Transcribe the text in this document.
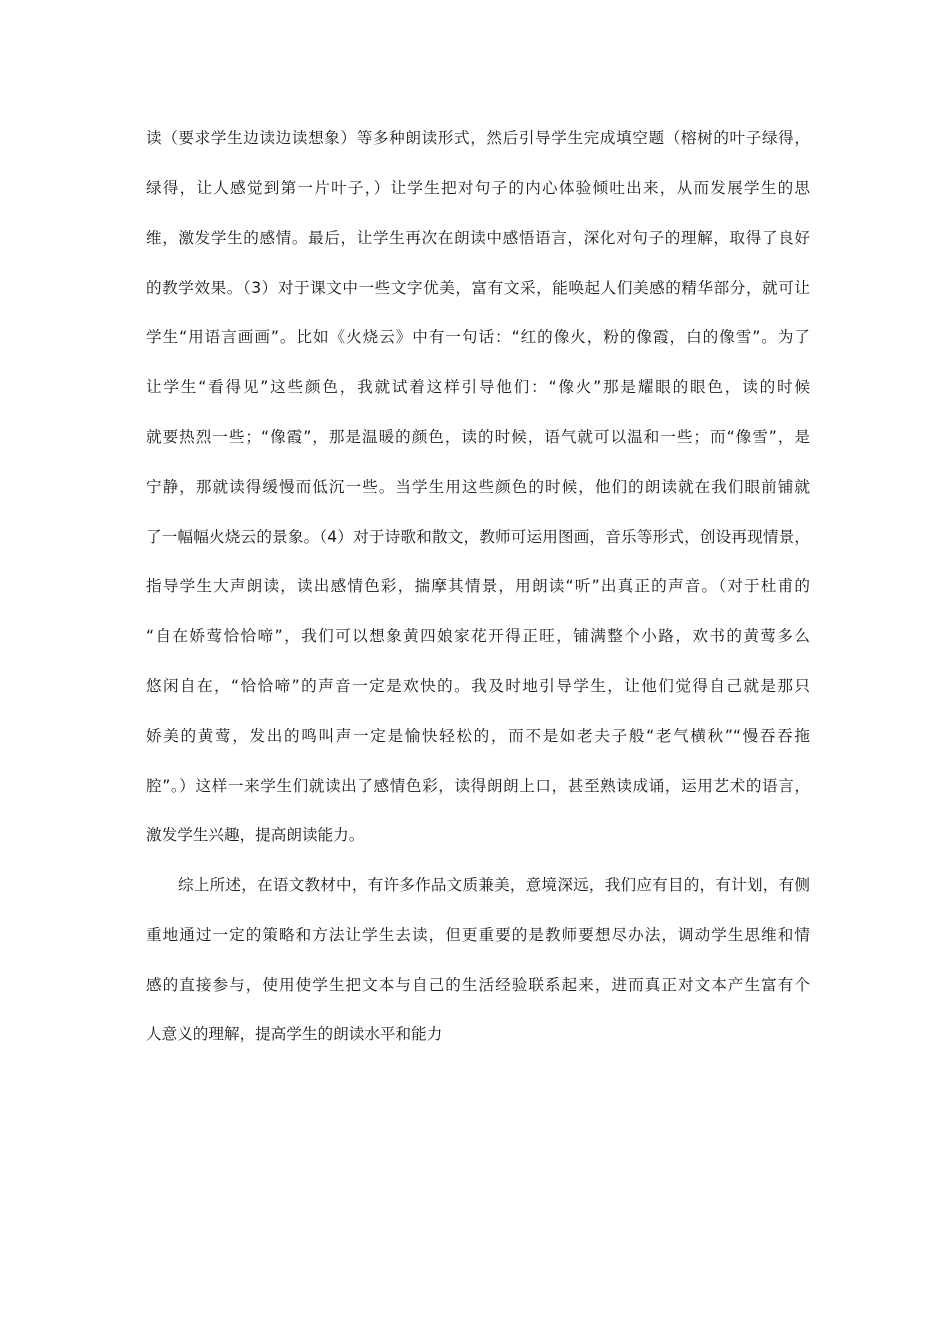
读（要求学生边读边读想象）等多种朗读形式，然后引导学生完成填空题（榕树的叶子绿得，
绿得，让人感觉到第一片叶子，）让学生把对句子的内心体验倾吐出来，从而发展学生的思
维，激发学生的感情。最后，让学生再次在朗读中感悟语言，深化对句子的理解，取得了良好
的教学效果。（3）对于课文中一些文字优美，富有文采，能唤起人们美感的精华部分，就可让
学生“用语言画画”。比如《火烧云》中有一句话：“红的像火，粉的像霞，白的像雪”。为了
让学生“看得见”这些颜色，我就试着这样引导他们：“像火”那是耀眼的眼色，读的时候
就要热烈一些；“像霞”，那是温暖的颜色，读的时候，语气就可以温和一些；而“像雪”，是
宁静，那就读得缓慢而低沉一些。当学生用这些颜色的时候，他们的朗读就在我们眼前铺就
了一幅幅火烧云的景象。（4）对于诗歌和散文，教师可运用图画，音乐等形式，创设再现情景，
指导学生大声朗读，读出感情色彩，揣摩其情景，用朗读“听”出真正的声音。（对于杜甫的
“自在娇莺恰恰啼”，我们可以想象黄四娘家花开得正旺，铺满整个小路，欢书的黄莺多么
悠闲自在，“恰恰啼”的声音一定是欢快的。我及时地引导学生，让他们觉得自己就是那只
娇美的黄莺，发出的鸣叫声一定是愉快轻松的，而不是如老夫子般“老气横秋”“慢吞吞拖
腔”。）这样一来学生们就读出了感情色彩，读得朗朗上口，甚至熟读成诵，运用艺术的语言，
激发学生兴趣，提高朗读能力。
综上所述，在语文教材中，有许多作品文质兼美，意境深远，我们应有目的，有计划，有侧
重地通过一定的策略和方法让学生去读，但更重要的是教师要想尽办法，调动学生思维和情
感的直接参与，使用使学生把文本与自己的生活经验联系起来，进而真正对文本产生富有个
人意义的理解，提高学生的朗读水平和能力
